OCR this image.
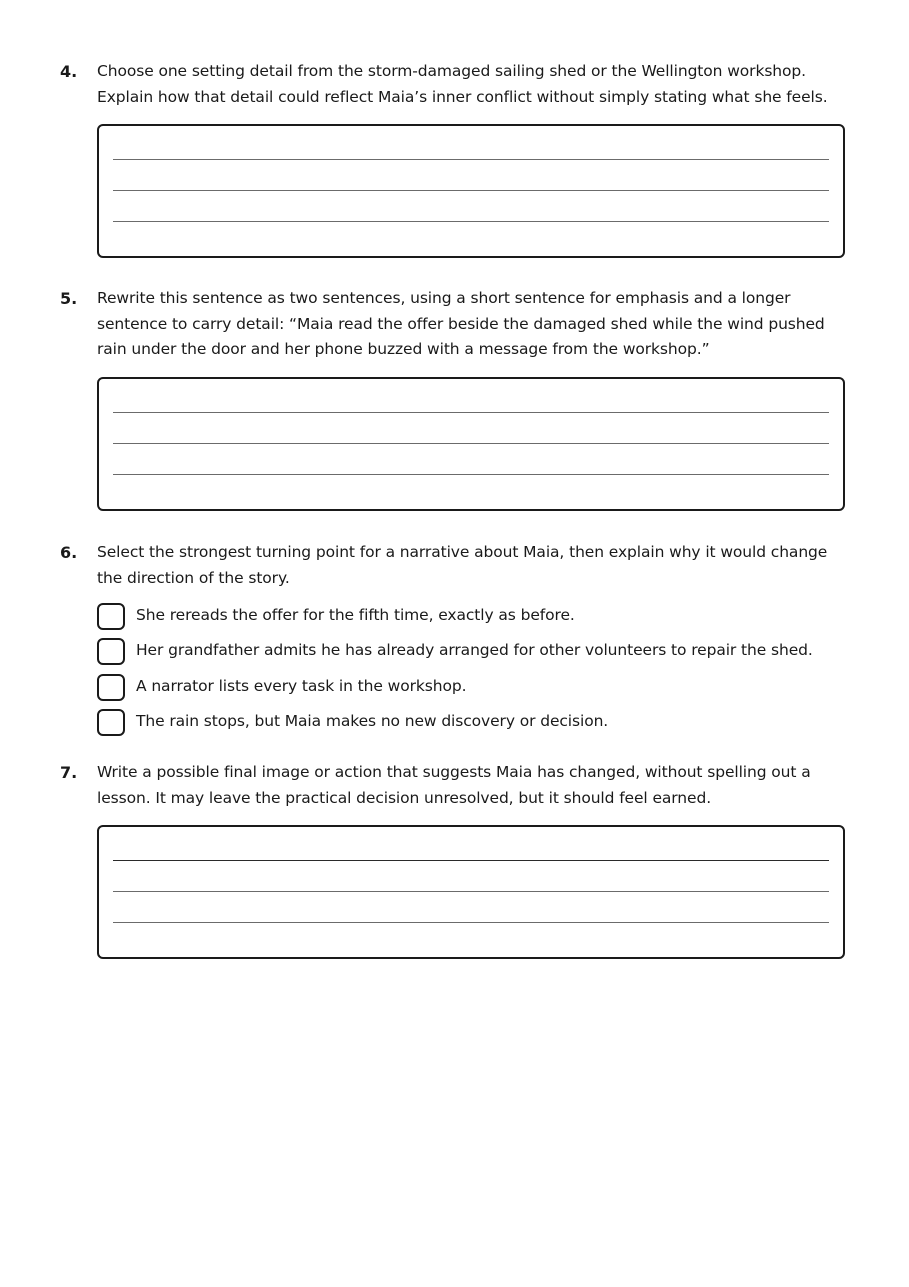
4. Choose one setting detail from the storm-damaged sailing shed or the Wellington workshop.
Explain how that detail could reflect Maia’s inner conflict without simply stating what she feels.
5. Rewrite this sentence as two sentences, using a short sentence for emphasis and a longer
sentence to carry detail: “Maia read the offer beside the damaged shed while the wind pushed
rain under the door and her phone buzzed with a message from the workshop.”
6. Select the strongest turning point for a narrative about Maia, then explain why it would change
the direction of the story.
She rereads the offer for the fifth time, exactly as before.
Her grandfather admits he has already arranged for other volunteers to repair the shed.
A narrator lists every task in the workshop.
The rain stops, but Maia makes no new discovery or decision.
7. Write a possible final image or action that suggests Maia has changed, without spelling out a
lesson. It may leave the practical decision unresolved, but it should feel earned.
